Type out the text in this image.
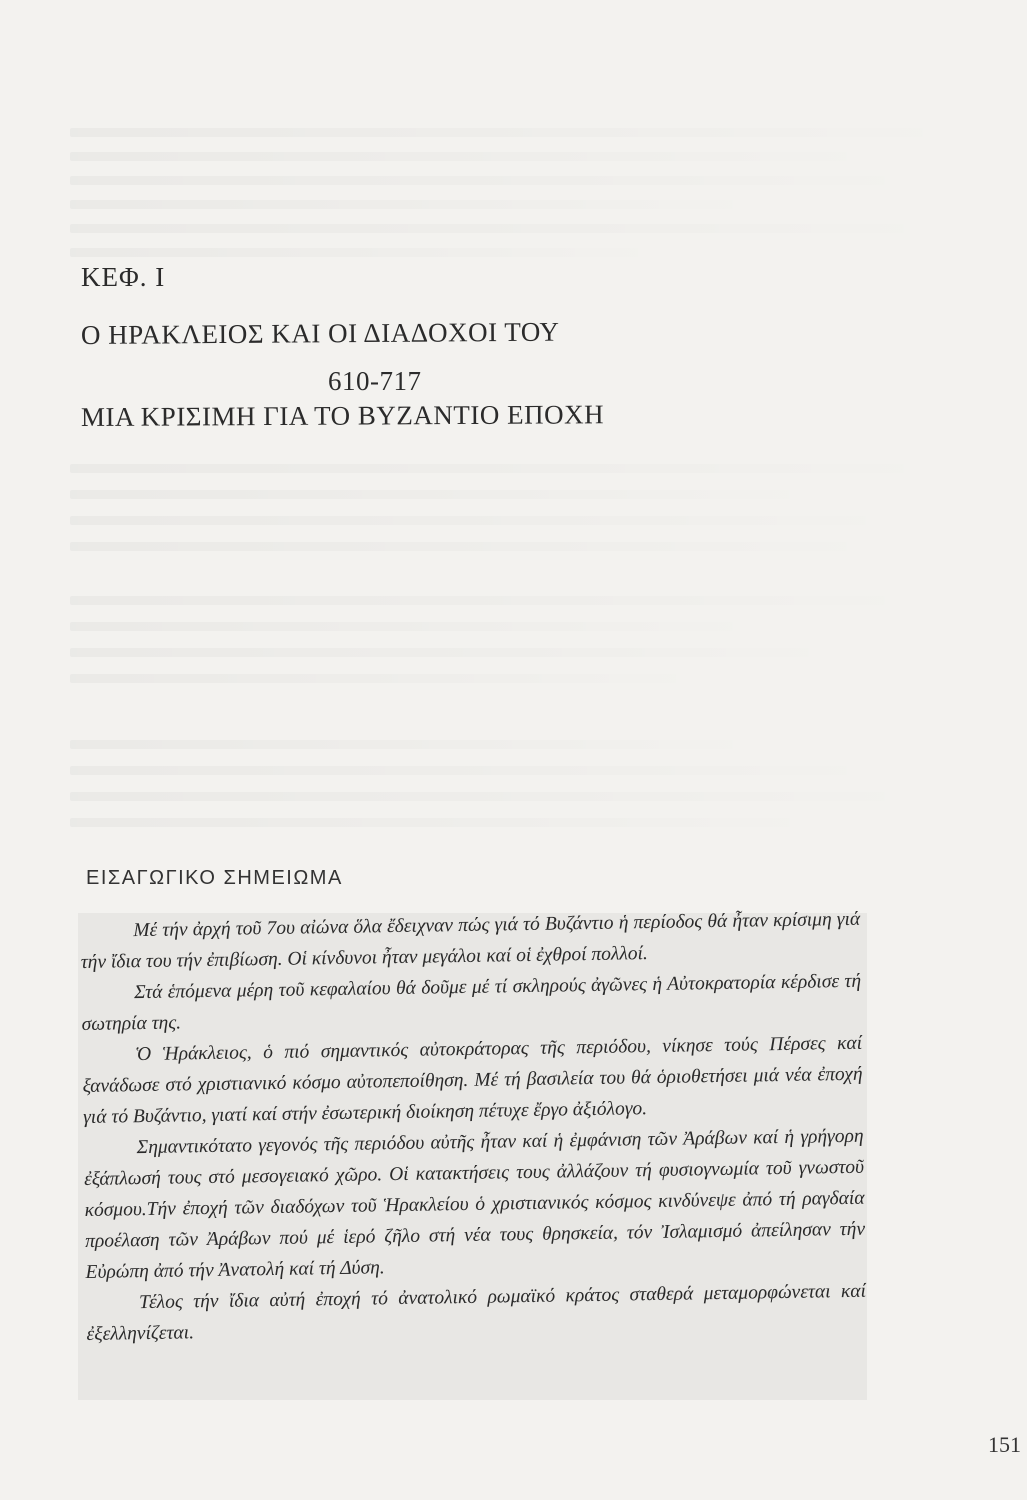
ΚΕΦ. I
Ο ΗΡΑΚΛΕΙΟΣ ΚΑΙ ΟΙ ΔΙΑΔΟΧΟΙ ΤΟΥ
610-717
ΜΙΑ ΚΡΙΣΙΜΗ ΓΙΑ ΤΟ ΒΥΖΑΝΤΙΟ ΕΠΟΧΗ
ΕΙΣΑΓΩΓΙΚΟ ΣΗΜΕΙΩΜΑ

Μέ τήν ἀρχή τοῦ 7ου αἰώνα ὅλα ἔδειχναν πώς γιά τό Βυζάντιο ἡ περίοδος θά ἦταν κρίσιμη γιά τήν ἴδια του τήν ἐπιβίωση. Οἱ κίνδυνοι ἦταν μεγάλοι καί οἱ ἐχθροί πολλοί.

Στά ἑπόμενα μέρη τοῦ κεφαλαίου θά δοῦμε μέ τί σκληρούς ἀγῶνες ἡ Αὐτοκρατορία κέρδισε τή σωτηρία της.

Ὁ Ἡράκλειος, ὁ πιό σημαντικός αὐτοκράτορας τῆς περιόδου, νίκησε τούς Πέρσες καί ξανάδωσε στό χριστιανικό κόσμο αὐτοπεποίθηση. Μέ τή βασιλεία του θά ὁριοθετήσει μιά νέα ἐποχή γιά τό Βυζάντιο, γιατί καί στήν ἐσωτερική διοίκηση πέτυχε ἔργο ἀξιόλογο.

Σημαντικότατο γεγονός τῆς περιόδου αὐτῆς ἦταν καί ἡ ἐμφάνιση τῶν Ἀράβων καί ἡ γρήγορη ἐξάπλωσή τους στό μεσογειακό χῶρο. Οἱ κατακτήσεις τους ἀλλάζουν τή φυσιογνωμία τοῦ γνωστοῦ κόσμου.Τήν ἐποχή τῶν διαδόχων τοῦ Ἡρακλείου ὁ χριστιανικός κόσμος κινδύνεψε ἀπό τή ραγδαία προέλαση τῶν Ἀράβων πού μέ ἱερό ζῆλο στή νέα τους θρησκεία, τόν Ἰσλαμισμό ἀπείλησαν τήν Εὐρώπη ἀπό τήν Ἀνατολή καί τή Δύση.

Τέλος τήν ἴδια αὐτή ἐποχή τό ἀνατολικό ρωμαϊκό κράτος σταθερά μεταμορφώνεται καί ἐξελληνίζεται.

151
